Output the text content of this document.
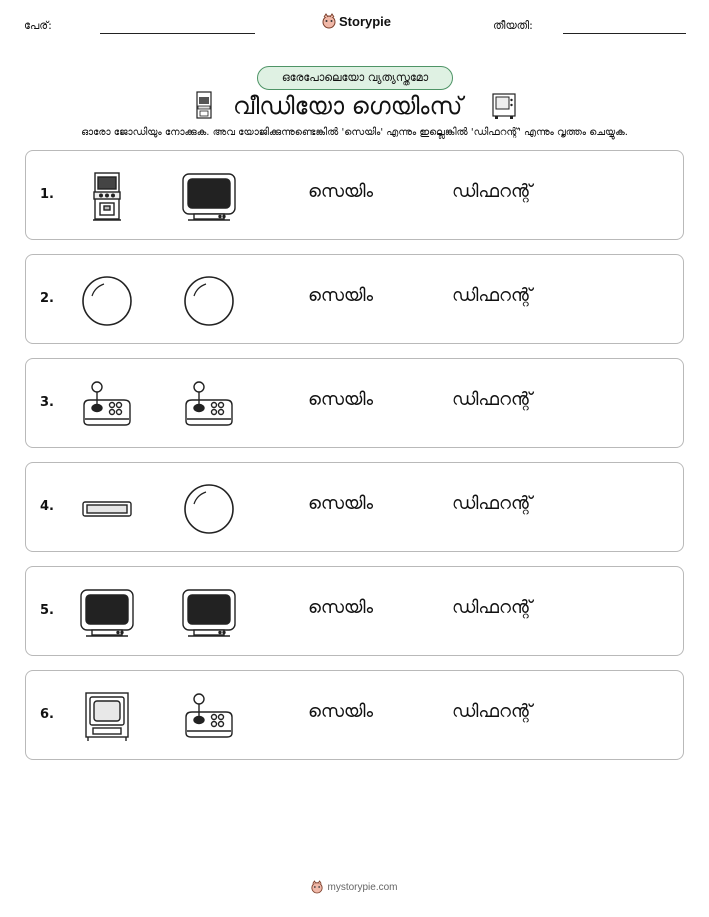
പേര്:	Storypie	തീയതി:
ഒരേപോലെയോ വ്യത്യസ്തമോ
വീഡിയോ ഗെയിംസ്
ഓരോ ജോഡിയും നോക്കുക. അവ യോജിക്കുന്നുണ്ടെങ്കിൽ 'സെയിം' എന്നും ഇല്ലെങ്കിൽ 'ഡിഫറന്റ്' എന്നും വൃത്തം ചെയ്യുക.
1.	സെയിം	ഡിഫറന്റ്
2.	സെയിം	ഡിഫറന്റ്
3.	സെയിം	ഡിഫറന്റ്
4.	സെയിം	ഡിഫറന്റ്
5.	സെയിം	ഡിഫറന്റ്
6.	സെയിം	ഡിഫറന്റ്
mystorypie.com
